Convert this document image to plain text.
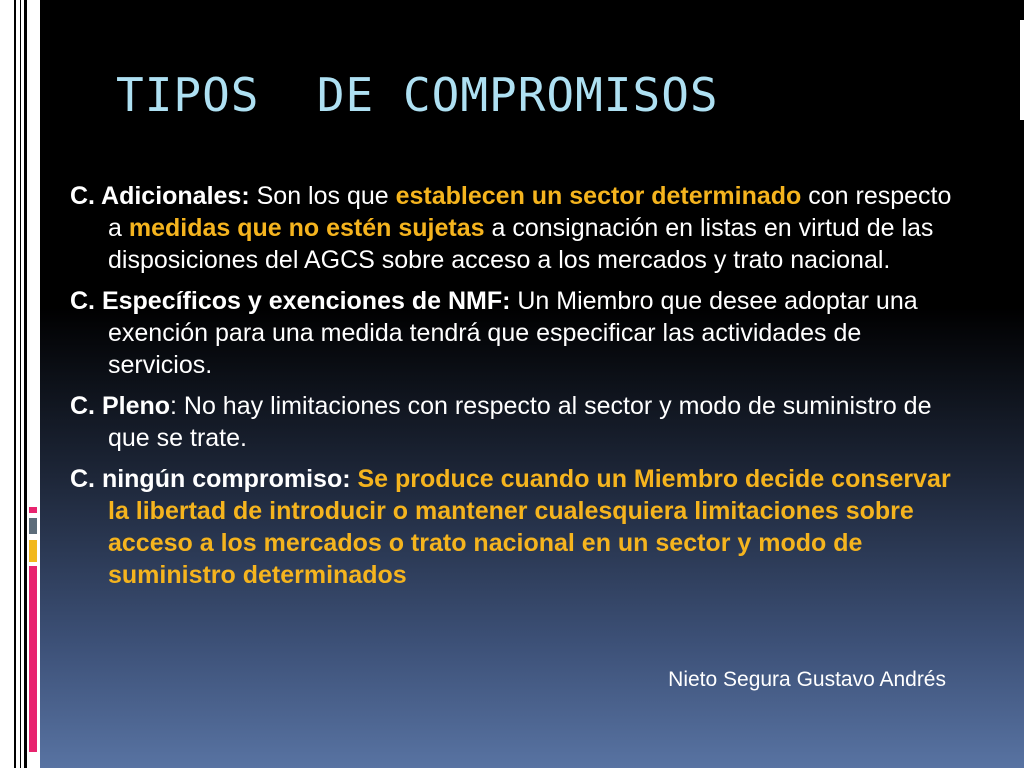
TIPOS  DE COMPROMISOS

C. Adicionales: Son los que establecen un sector determinado con respecto a medidas que no estén sujetas a consignación en listas en virtud de las disposiciones del AGCS sobre acceso a los mercados y trato nacional.

C. Específicos y exenciones de NMF: Un Miembro que desee adoptar una exención para una medida tendrá que especificar las actividades de servicios.

C. Pleno: No hay limitaciones con respecto al sector y modo de suministro de que se trate.

C. ningún compromiso: Se produce cuando un Miembro decide conservar la libertad de introducir o mantener cualesquiera limitaciones sobre acceso a los mercados o trato nacional en un sector y modo de suministro determinados

Nieto Segura Gustavo Andrés
